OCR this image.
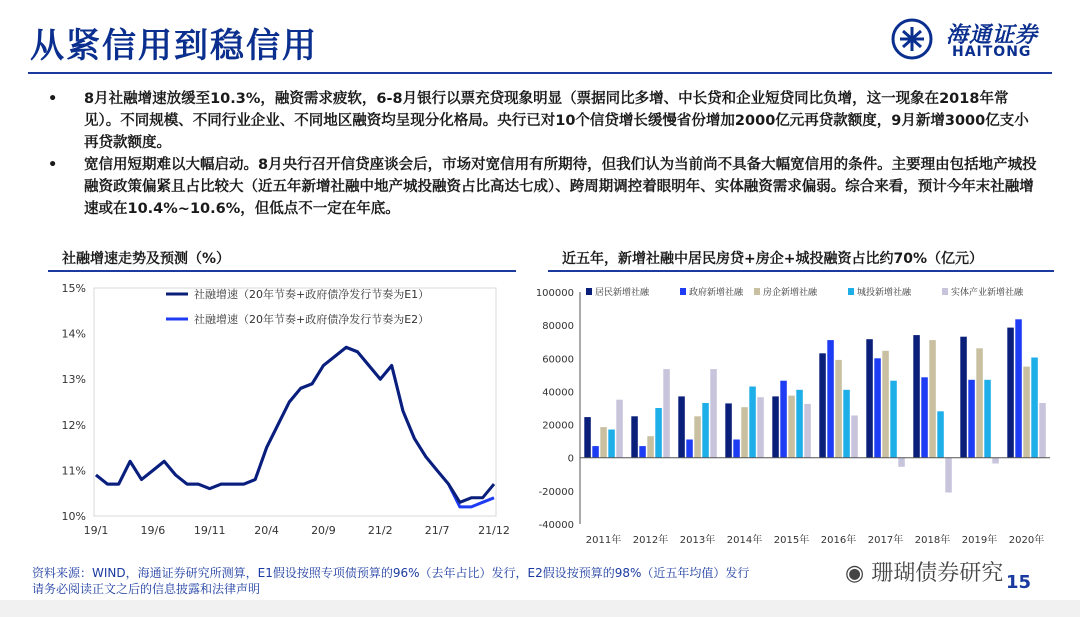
从紧信用到稳信用	海通证券
HAITONG
• 8月社融增速放缓至10.3%，融资需求疲软，6-8月银行以票充贷现象明显（票据同比多增、中长贷和企业短贷同比负增，这一现象在2018年常见）。不同规模、不同行业企业、不同地区融资均呈现分化格局。央行已对10个信贷增长缓慢省份增加2000亿元再贷款额度，9月新增3000亿支小再贷款额度。
• 宽信用短期难以大幅启动。8月央行召开信贷座谈会后，市场对宽信用有所期待，但我们认为当前尚不具备大幅宽信用的条件。主要理由包括地产城投融资政策偏紧且占比较大（近五年新增社融中地产城投融资占比高达七成）、跨周期调控着眼明年、实体融资需求偏弱。综合来看，预计今年末社融增速或在10.4%~10.6%，但低点不一定在年底。
社融增速走势及预测（%）	近五年，新增社融中居民房贷+房企+城投融资占比约70%（亿元）
10%
11%
12%
13%
14%
15%
19/1	19/6	19/11	20/4	20/9	21/2	21/7	21/12
社融增速（20年节奏+政府债净发行节奏为E1）
社融增速（20年节奏+政府债净发行节奏为E2）
-40000
-20000
0
20000
40000
60000
80000
100000
2011年 2012年 2013年 2014年 2015年 2016年 2017年 2018年 2019年 2020年
居民新增社融	政府新增社融 房企新增社融	城投新增社融	实体产业新增社融
资料来源：WIND，海通证券研究所测算，E1假设按照专项债预算的96%（去年占比）发行，E2假设按预算的98%（近五年均值）发行
请务必阅读正文之后的信息披露和法律声明
◉ 珊瑚债券研究 15
